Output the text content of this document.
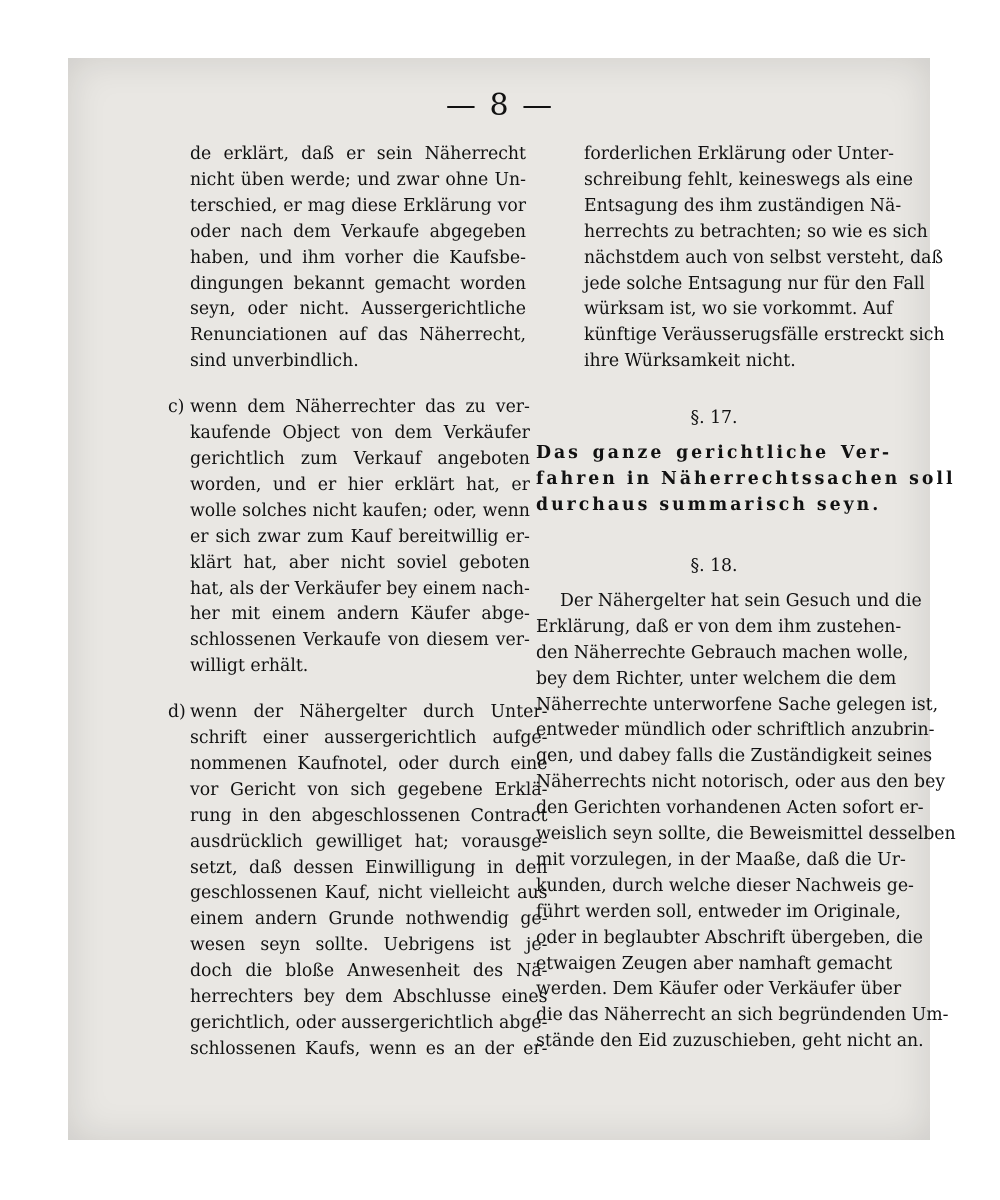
— 8 —
de erklärt, daß er sein Näherrecht
nicht üben werde; und zwar ohne Un-
terschied, er mag diese Erklärung vor
oder nach dem Verkaufe abgegeben
haben, und ihm vorher die Kaufsbe-
dingungen bekannt gemacht worden
seyn, oder nicht. Aussergerichtliche
Renunciationen auf das Näherrecht,
sind unverbindlich.
c) wenn dem Näherrechter das zu ver-
kaufende Object von dem Verkäufer
gerichtlich zum Verkauf angeboten
worden, und er hier erklärt hat, er
wolle solches nicht kaufen; oder, wenn
er sich zwar zum Kauf bereitwillig er-
klärt hat, aber nicht soviel geboten
hat, als der Verkäufer bey einem nach-
her mit einem andern Käufer abge-
schlossenen Verkaufe von diesem ver-
willigt erhält.
d) wenn der Nähergelter durch Unter-
schrift einer aussergerichtlich aufge-
nommenen Kaufnotel, oder durch eine
vor Gericht von sich gegebene Erklä-
rung in den abgeschlossenen Contract
ausdrücklich gewilliget hat; vorausge-
setzt, daß dessen Einwilligung in den
geschlossenen Kauf, nicht vielleicht aus
einem andern Grunde nothwendig ge-
wesen seyn sollte. Uebrigens ist je-
doch die bloße Anwesenheit des Nä-
herrechters bey dem Abschlusse eines
gerichtlich, oder aussergerichtlich abge-
schlossenen Kaufs, wenn es an der er-
forderlichen Erklärung oder Unter-
schreibung fehlt, keineswegs als eine
Entsagung des ihm zuständigen Nä-
herrechts zu betrachten; so wie es sich
nächstdem auch von selbst versteht, daß
jede solche Entsagung nur für den Fall
würksam ist, wo sie vorkommt. Auf
künftige Veräusserugsfälle erstreckt sich
ihre Würksamkeit nicht.

§. 17.

Das ganze gerichtliche Ver-
fahren in Näherrechtssachen soll
durchaus summarisch seyn.

§. 18.

Der Nähergelter hat sein Gesuch und die
Erklärung, daß er von dem ihm zustehen-
den Näherrechte Gebrauch machen wolle,
bey dem Richter, unter welchem die dem
Näherrechte unterworfene Sache gelegen ist,
entweder mündlich oder schriftlich anzubrin-
gen, und dabey falls die Zuständigkeit seines
Näherrechts nicht notorisch, oder aus den bey
den Gerichten vorhandenen Acten sofort er-
weislich seyn sollte, die Beweismittel desselben
mit vorzulegen, in der Maaße, daß die Ur-
kunden, durch welche dieser Nachweis ge-
führt werden soll, entweder im Originale,
oder in beglaubter Abschrift übergeben, die
etwaigen Zeugen aber namhaft gemacht
werden. Dem Käufer oder Verkäufer über
die das Näherrecht an sich begründenden Um-
stände den Eid zuzuschieben, geht nicht an.
